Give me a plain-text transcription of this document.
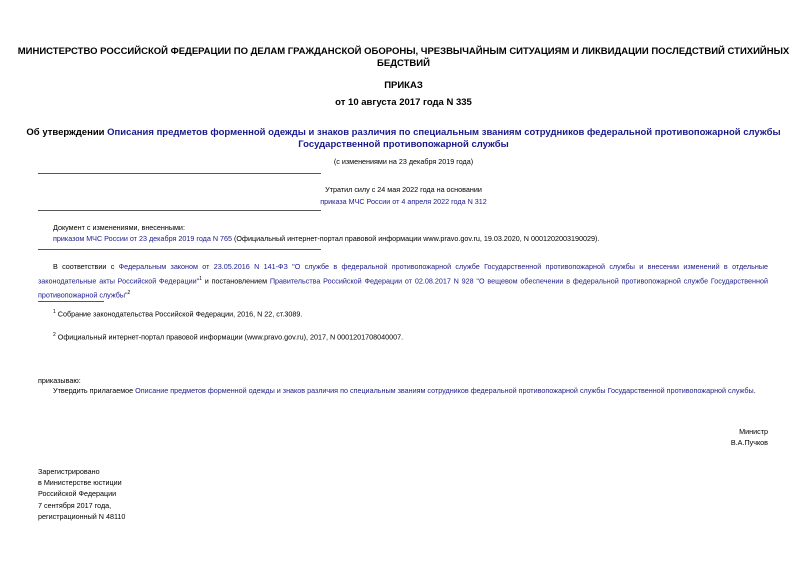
МИНИСТЕРСТВО РОССИЙСКОЙ ФЕДЕРАЦИИ ПО ДЕЛАМ ГРАЖДАНСКОЙ ОБОРОНЫ, ЧРЕЗВЫЧАЙНЫМ СИТУАЦИЯМ И ЛИКВИДАЦИИ ПОСЛЕДСТВИЙ СТИХИЙНЫХ
БЕДСТВИЙ
ПРИКАЗ
от 10 августа 2017 года N 335
Об утверждении Описания предметов форменной одежды и знаков различия по специальным званиям сотрудников федеральной противопожарной службы
Государственной противопожарной службы
(с изменениями на 23 декабря 2019 года)
Утратил силу с 24 мая 2022 года на основании
приказа МЧС России от 4 апреля 2022 года N 312
Документ с изменениями, внесенными:
приказом МЧС России от 23 декабря 2019 года N 765 (Официальный интернет-портал правовой информации www.pravo.gov.ru, 19.03.2020, N 0001202003190029).
В соответствии с Федеральным законом от 23.05.2016 N 141-ФЗ "О службе в федеральной противопожарной службе Государственной противопожарной службы и внесении изменений в отдельные законодательные акты Российской Федерации"$^1$ и постановлением Правительства Российской Федерации от 02.08.2017 N 928 "О вещевом обеспечении в федеральной противопожарной службе Государственной противопожарной службы"$^2$
$^1$ Собрание законодательства Российской Федерации, 2016, N 22, ст.3089.
$^2$ Официальный интернет-портал правовой информации (www.pravo.gov.ru), 2017, N 0001201708040007.
приказываю:
Утвердить прилагаемое Описание предметов форменной одежды и знаков различия по специальным званиям сотрудников федеральной противопожарной службы Государственной противопожарной службы.
Министр
В.А.Пучков
Зарегистрировано
в Министерстве юстиции
Российской Федерации
7 сентября 2017 года,
регистрационный N 48110
